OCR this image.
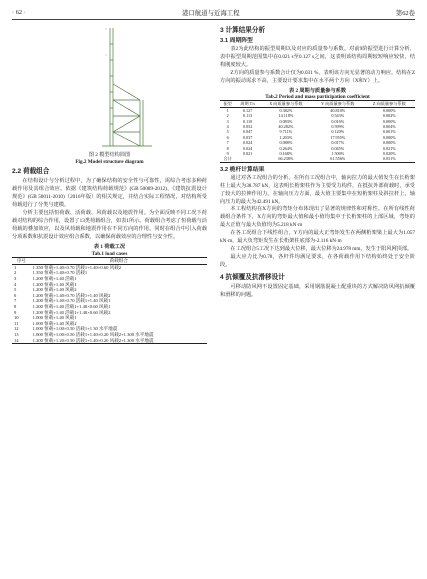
· 62 ·	港口航道与近海工程	第62卷
图 2 模型结构简图
Fig.2 Model structure diagram
2.2 荷载组合

在结构设计与分析过程中，为了确保结构的安全性与可靠性，需综合考虑多种荷载作用及其组合效应。依据《建筑结构荷载规范》(GB 50009-2012)、《建筑抗震设计规范》(GB 50011-2010)（2016年版）的相关规定，并结合实际工程情况，对结构所受荷载进行了分类与建模。

分析主要包括恒荷载、活荷载、风荷载以及地震作用。为全面反映不同工况下荷载对结构的综合作用，设置了13类荷载组合，如表1所示。荷载组合考虑了恒荷载与活荷载的叠加效应，以及风荷载和地震作用在不同方向的作用。同时在组合中引入荷载分项系数和抗震设计效应组合系数，以确保荷载效应的合理性与安全性。

表 1 荷载工况
Tab.1 load cases
序号	荷载组合
1	1.350 恒载+1.40×0.70 活载1+1.40×0.60 风载2
2	1.350 恒载+1.40×0.70 活载1
3	1.200 恒载+1.40 活载1
4	1.200 恒载+1.40 风载1
5	1.200 恒载+1.40 风载2
6	1.200 恒载+1.40×0.70 活载1+1.40 风载2
7	1.200 恒载+1.40×0.70 活载1+1.40 风载1
8	1.200 恒载+1.40 活载1+1.40×0.60 风载1
9	1.200 恒载+1.40 活载1+1.40×0.60 风载2
10	1.000 恒载+1.40 风载1
11	1.000 恒载+1.40 风载2
12	1.000 恒载+1.00×0.50 活载1+1.30 水平地震
13	1.000 恒载+1.00×0.50 活载1+1.40×0.20 风载2+1.300 水平地震
14	1.200 恒载+1.20×0.50 活载1+1.40×0.20 风载2+1.300 水平地震
3 计算结果分析
3.1 周期阵型

表2为此结构的振型周期以及对应的质量参与系数。对前9阶振型进行计算分析，表中振型周期范围集中在0.021 s至0.127 s之间，这表明该结构周期较短响应较快，结构刚度较大。

Z方向的质量参与系数合计仅为0.031 %，表明该方向无显著的动力响应。结构在Z方向的振动需求不高，主要设计要求集中在水平两个方向（X和Y）上。

表 2 周期与质量参与系数
Tab.2 Period and mass participation coefficient
振型	周期 T/s	X 向质量参与系数	Y 向质量参与系数	Z 向质量参与系数
1	0.127	0.382%	40.810%	0.000%
2	0.113	14.118%	0.543%	0.002%
3	0.110	0.083%	0.016%	0.000%
4	0.052	40.282%	0.599%	0.004%
5	0.047	9.711%	0.120%	0.001%
6	0.037	1.203%	17.955%	0.000%
7	0.024	0.088%	0.017%	0.000%
8	0.024	0.264%	0.045%	0.021%
9	0.021	0.168%	1.500%	0.020%
合计		66.238%	61.556%	0.031%
3.2 桅杆计算结果

通过对各工况组合的分析，在所有工况组合中，轴向拉力的最大值发生在长桁架柱上最大为38.787 kN，这表明长桁架柱作为主要受力构件，在抵抗外部荷载时，承受了较大的拉伸作用力。在轴向压力方面，最大值主要集中在短桁架柱及斜拉杆上，轴向压力的最大为42.491 kN。

本工程结构在X方向的弯矩分布体现出了显著的规律性和对称性。在所有线性荷载组合条件下，X方向的弯矩最大值和最小值均集中于长桁架柱的上部区域，弯矩的最大正值与最大负值均为5.218 kN·m

在各工况组合下线性组合，Y方向的最大正弯矩发生在两侧桁架梁上最大为1.057 kN·m，最大负弯矩发生在长桁架柱底部为-2.116 kN·m

在工况组合5工况下达到最大位移，最大位移为24.978 mm，发生于阳风网顶部。

最大应力比为0.78，各杆件均满足要求，在各荷载作用下结构始终处于安全阶段。

4 抗倾覆及抗滑移设计

可移动防风网不设置固定基础，采用钢筋混凝土配重块的方式解决防风网抗倾覆和滑移的问题。
